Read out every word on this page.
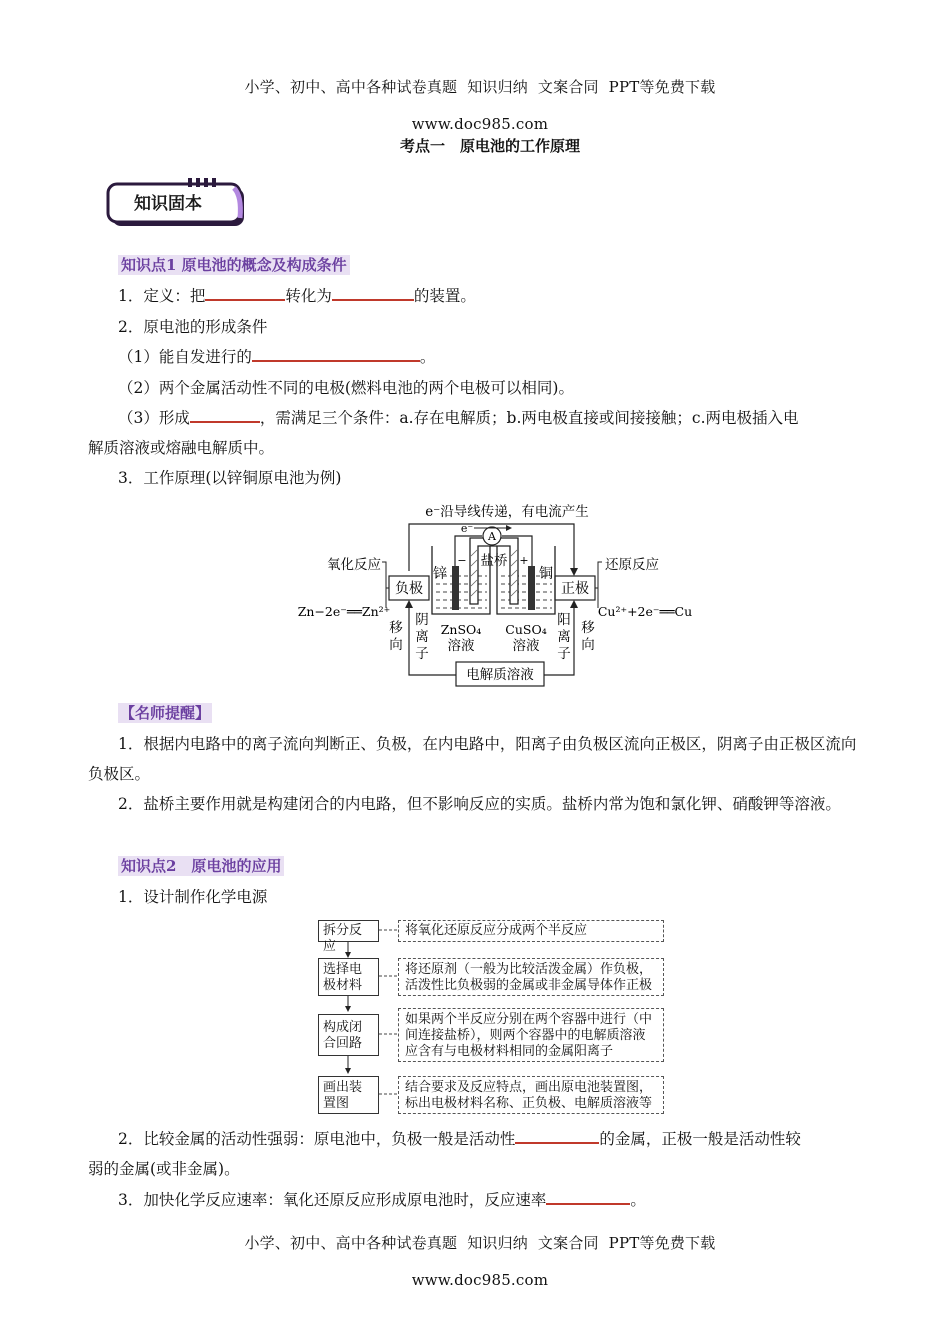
小学、初中、高中各种试卷真题  知识归纳  文案合同  PPT等免费下载

www.doc985.com

考点一　原电池的工作原理
知识固本
知识点1 原电池的概念及构成条件
1．定义：把	转化为	的装置。
2．原电池的形成条件
（1）能自发进行的	。
（2）两个金属活动性不同的电极(燃料电池的两个电极可以相同)。
（3）形成	，需满足三个条件：a.存在电解质；b.两电极直接或间接接触；c.两电极插入电
解质溶液或熔融电解质中。
3．工作原理(以锌铜原电池为例)
e⁻沿导线传递，有电流产生
电解质溶液
负极	正极
氧化反应
Zn−2e⁻══Zn²⁺
还原反应
Cu²⁺+2e⁻══Cu
盐桥
A
e⁻
锌	铜
−	+
ZnSO₄
溶液
CuSO₄
溶液
移
向
阴
离
子
阳
离
子
移
向
【名师提醒】
1．根据内电路中的离子流向判断正、负极，在内电路中，阳离子由负极区流向正极区，阴离子由正极区流向负极区。
2．盐桥主要作用就是构建闭合的内电路，但不影响反应的实质。盐桥内常为饱和氯化钾、硝酸钾等溶液。
知识点2　原电池的应用
1．设计制作化学电源
拆分反应
将氧化还原反应分成两个半反应
选择电极材料
将还原剂（一般为比较活泼金属）作负极，活泼性比负极弱的金属或非金属导体作正极
构成闭合回路
如果两个半反应分别在两个容器中进行（中间连接盐桥），则两个容器中的电解质溶液应含有与电极材料相同的金属阳离子
画出装置图
结合要求及反应特点，画出原电池装置图，标出电极材料名称、正负极、电解质溶液等
2．比较金属的活动性强弱：原电池中，负极一般是活动性	的金属，正极一般是活动性较
弱的金属(或非金属)。
3．加快化学反应速率：氧化还原反应形成原电池时，反应速率	。

小学、初中、高中各种试卷真题  知识归纳  文案合同  PPT等免费下载

www.doc985.com
